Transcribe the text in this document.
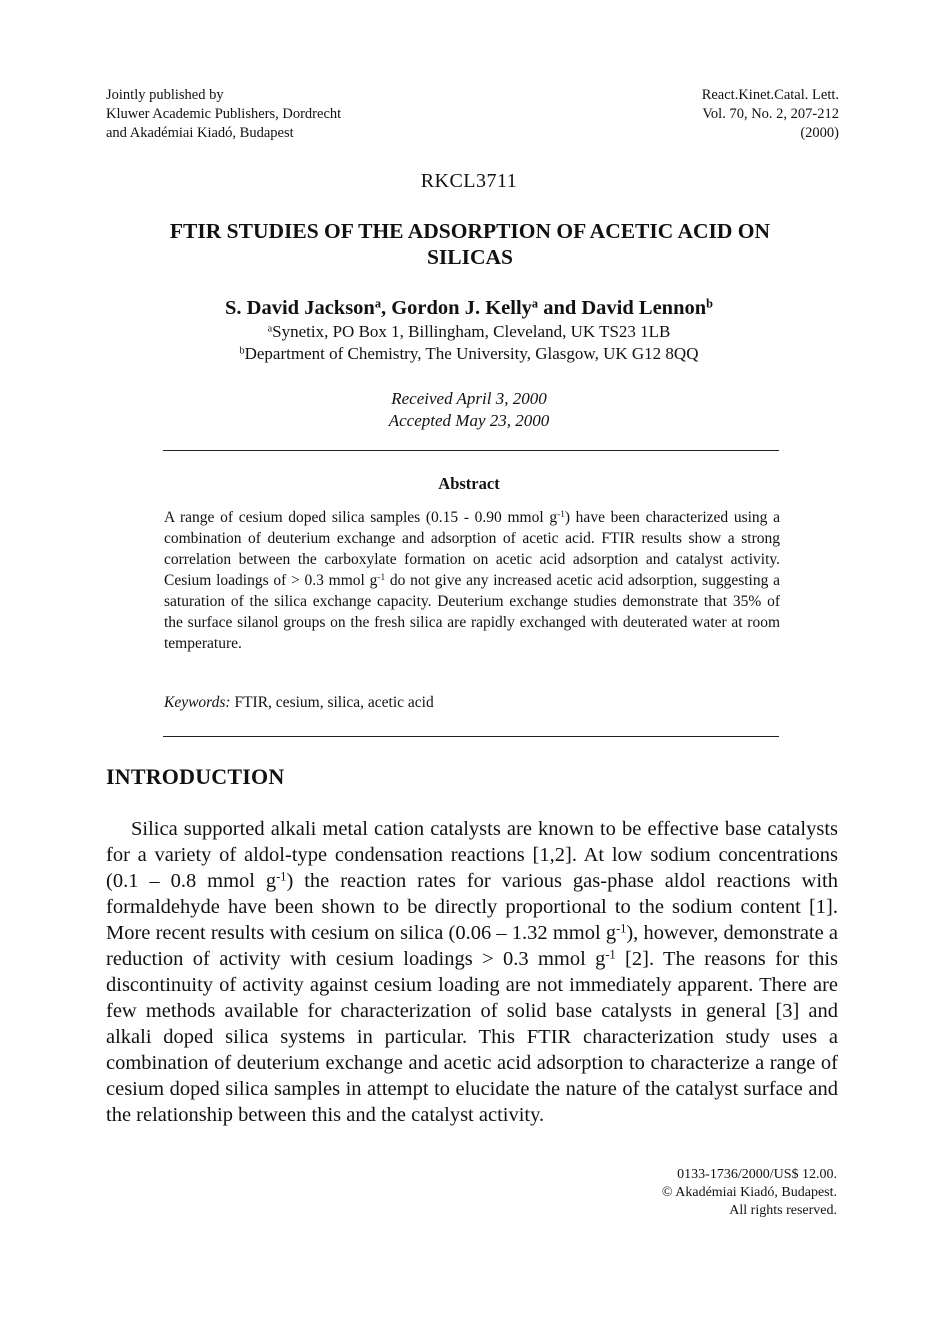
Jointly published by
Kluwer Academic Publishers, Dordrecht
and Akadémiai Kiadó, Budapest
React.Kinet.Catal. Lett.
Vol. 70, No. 2, 207-212
(2000)
RKCL3711
FTIR STUDIES OF THE ADSORPTION OF ACETIC ACID ON SILICAS
S. David Jackson$^a$, Gordon J. Kelly$^a$ and David Lennon$^b$
$^a$Synetix, PO Box 1, Billingham, Cleveland, UK TS23 1LB
$^b$Department of Chemistry, The University, Glasgow, UK G12 8QQ
Received April 3, 2000
Accepted May 23, 2000
Abstract
A range of cesium doped silica samples (0.15 - 0.90 mmol $g^{-1}$) have been characterized using a combination of deuterium exchange and adsorption of acetic acid. FTIR results show a strong correlation between the carboxylate formation on acetic acid adsorption and catalyst activity. Cesium loadings of > 0.3 mmol $g^{-1}$ do not give any increased acetic acid adsorption, suggesting a saturation of the silica exchange capacity. Deuterium exchange studies demonstrate that 35% of the surface silanol groups on the fresh silica are rapidly exchanged with deuterated water at room temperature.
Keywords: FTIR, cesium, silica, acetic acid
INTRODUCTION
Silica supported alkali metal cation catalysts are known to be effective base catalysts for a variety of aldol-type condensation reactions [1,2]. At low sodium concentrations (0.1 – 0.8 mmol $g^{-1}$) the reaction rates for various gas-phase aldol reactions with formaldehyde have been shown to be directly proportional to the sodium content [1]. More recent results with cesium on silica (0.06 – 1.32 mmol $g^{-1}$), however, demonstrate a reduction of activity with cesium loadings > 0.3 mmol $g^{-1}$ [2]. The reasons for this discontinuity of activity against cesium loading are not immediately apparent. There are few methods available for characterization of solid base catalysts in general [3] and alkali doped silica systems in particular. This FTIR characterization study uses a combination of deuterium exchange and acetic acid adsorption to characterize a range of cesium doped silica samples in attempt to elucidate the nature of the catalyst surface and the relationship between this and the catalyst activity.
0133-1736/2000/US$ 12.00.
© Akadémiai Kiadó, Budapest.
All rights reserved.
